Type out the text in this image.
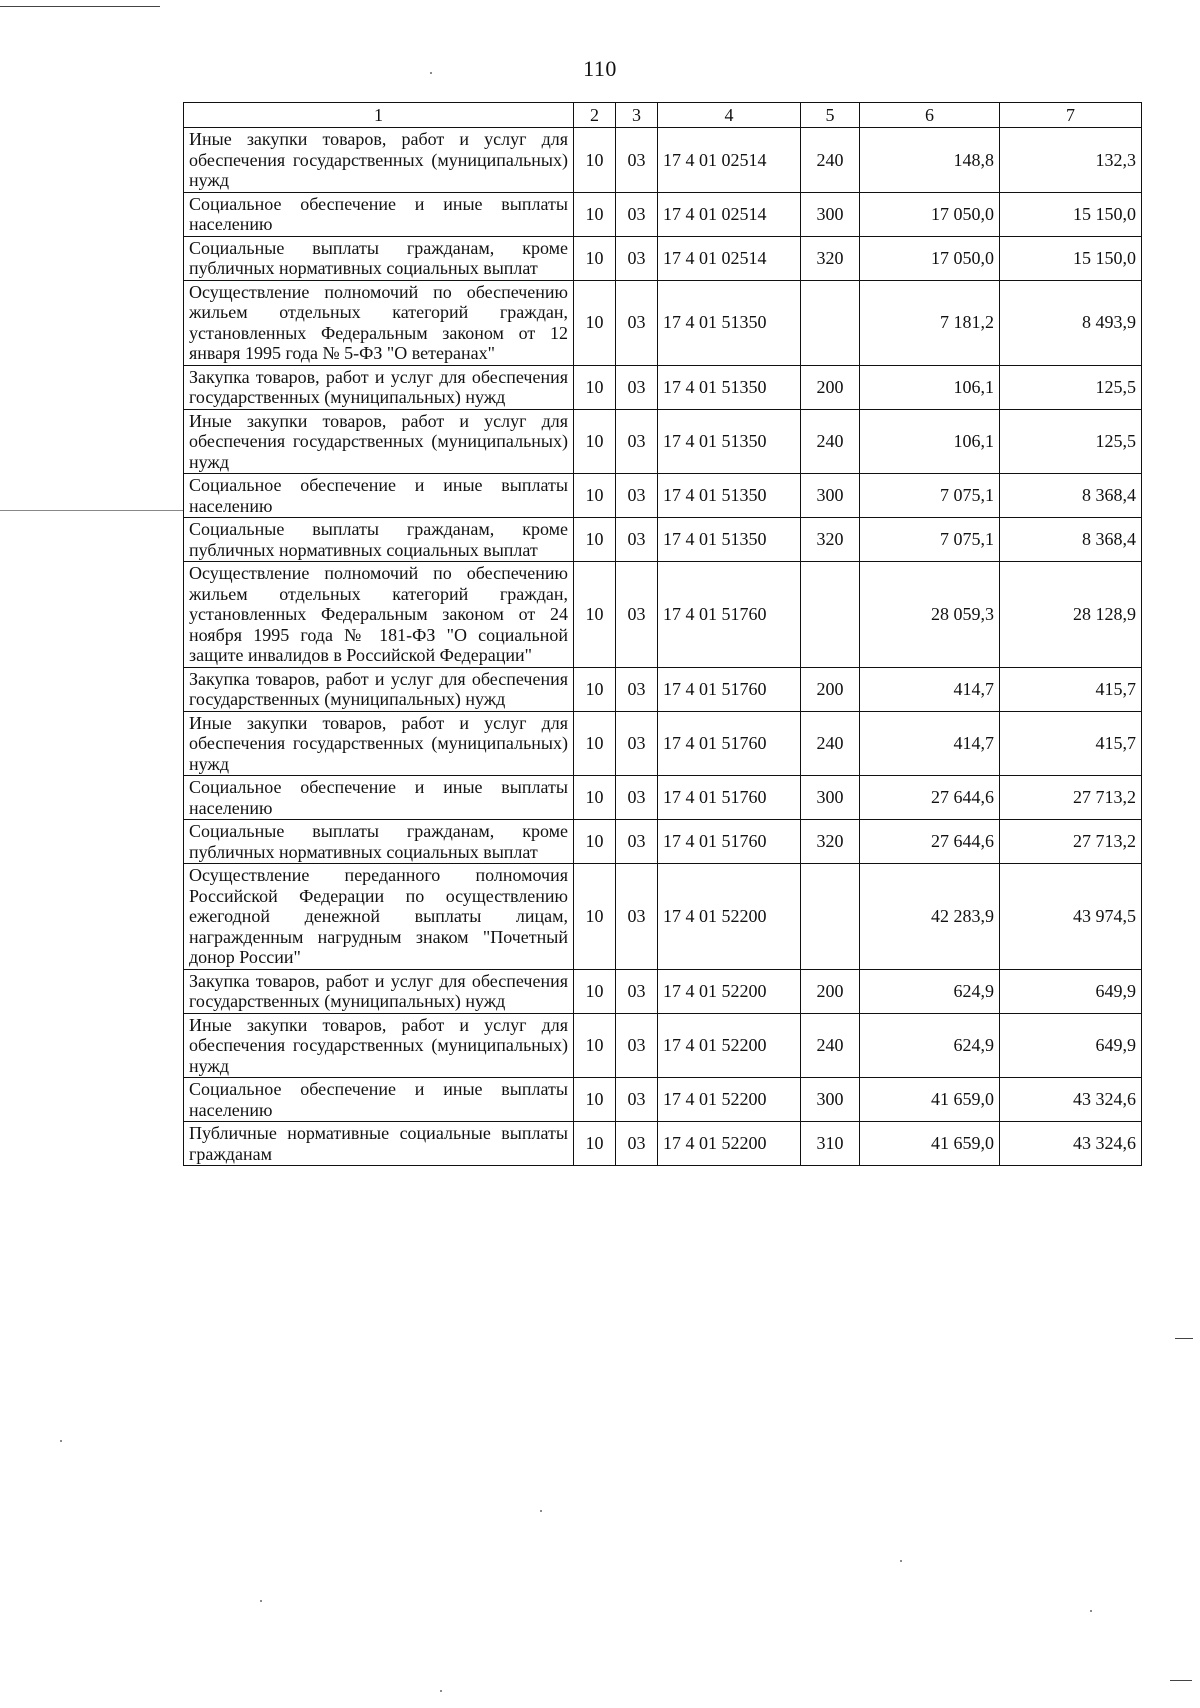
110
1	2	3	4	5	6	7
Иные закупки товаров, работ и услуг для обеспечения государственных (муниципальных) нужд	10	03	17 4 01 02514	240	148,8	132,3
Социальное обеспечение и иные выплаты населению	10	03	17 4 01 02514	300	17 050,0	15 150,0
Социальные выплаты гражданам, кроме публичных нормативных социальных выплат	10	03	17 4 01 02514	320	17 050,0	15 150,0
Осуществление полномочий по обеспечению жильем отдельных категорий граждан, установленных Федеральным законом от 12 января 1995 года № 5-ФЗ "О ветеранах"	10	03	17 4 01 51350		7 181,2	8 493,9
Закупка товаров, работ и услуг для обеспечения государственных (муниципальных) нужд	10	03	17 4 01 51350	200	106,1	125,5
Иные закупки товаров, работ и услуг для обеспечения государственных (муниципальных) нужд	10	03	17 4 01 51350	240	106,1	125,5
Социальное обеспечение и иные выплаты населению	10	03	17 4 01 51350	300	7 075,1	8 368,4
Социальные выплаты гражданам, кроме публичных нормативных социальных выплат	10	03	17 4 01 51350	320	7 075,1	8 368,4
Осуществление полномочий по обеспечению жильем отдельных категорий граждан, установленных Федеральным законом от 24 ноября 1995 года № 181-ФЗ "О социальной защите инвалидов в Российской Федерации"	10	03	17 4 01 51760		28 059,3	28 128,9
Закупка товаров, работ и услуг для обеспечения государственных (муниципальных) нужд	10	03	17 4 01 51760	200	414,7	415,7
Иные закупки товаров, работ и услуг для обеспечения государственных (муниципальных) нужд	10	03	17 4 01 51760	240	414,7	415,7
Социальное обеспечение и иные выплаты населению	10	03	17 4 01 51760	300	27 644,6	27 713,2
Социальные выплаты гражданам, кроме публичных нормативных социальных выплат	10	03	17 4 01 51760	320	27 644,6	27 713,2
Осуществление переданного полномочия Российской Федерации по осуществлению ежегодной денежной выплаты лицам, награжденным нагрудным знаком "Почетный донор России"	10	03	17 4 01 52200		42 283,9	43 974,5
Закупка товаров, работ и услуг для обеспечения государственных (муниципальных) нужд	10	03	17 4 01 52200	200	624,9	649,9
Иные закупки товаров, работ и услуг для обеспечения государственных (муниципальных) нужд	10	03	17 4 01 52200	240	624,9	649,9
Социальное обеспечение и иные выплаты населению	10	03	17 4 01 52200	300	41 659,0	43 324,6
Публичные нормативные социальные выплаты гражданам	10	03	17 4 01 52200	310	41 659,0	43 324,6
